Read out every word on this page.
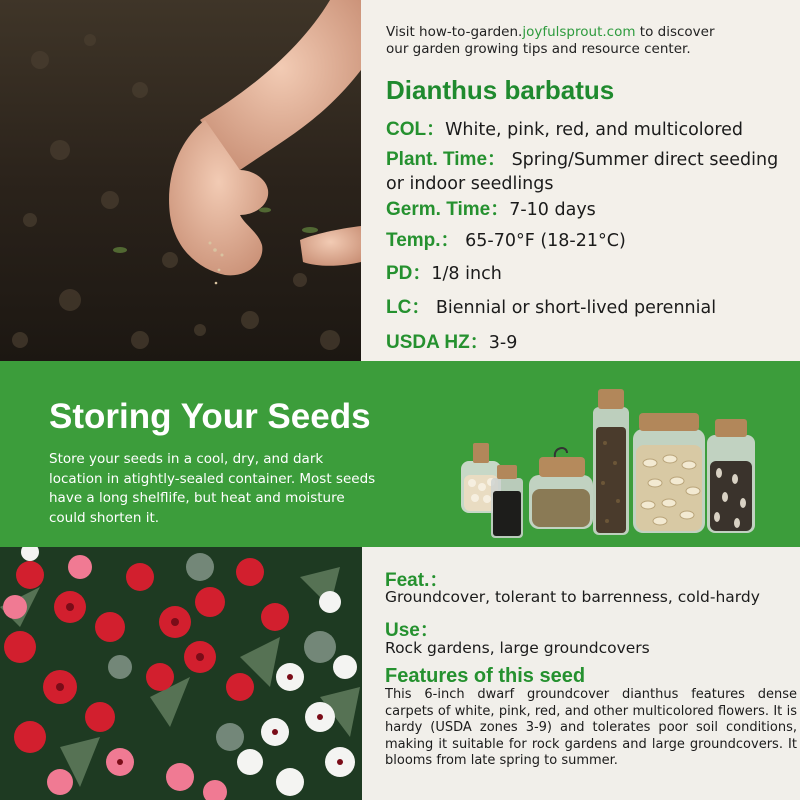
Visit how-to-garden.joyfulsprout.com to discover
our garden growing tips and resource center.
Dianthus barbatus
COL：White, pink, red, and multicolored
Plant. Time： Spring/Summer direct seeding or indoor seedlings
Germ. Time：7-10 days
Temp.： 65-70°F (18-21°C)
PD：1/8 inch
LC： Biennial or short-lived perennial
USDA HZ：3-9
Storing Your Seeds
Store your seeds in a cool, dry, and dark location in atightly-sealed container. Most seeds have a long shelflife, but heat and moisture could shorten it.
Feat.：
Groundcover, tolerant to barrenness, cold-hardy
Use：
Rock gardens, large groundcovers
Features of this seed
This 6-inch dwarf groundcover dianthus features dense carpets of white, pink, red, and other multicolored flowers. It is hardy (USDA zones 3-9) and tolerates poor soil conditions, making it suitable for rock gardens and large groundcovers. It blooms from late spring to summer.
